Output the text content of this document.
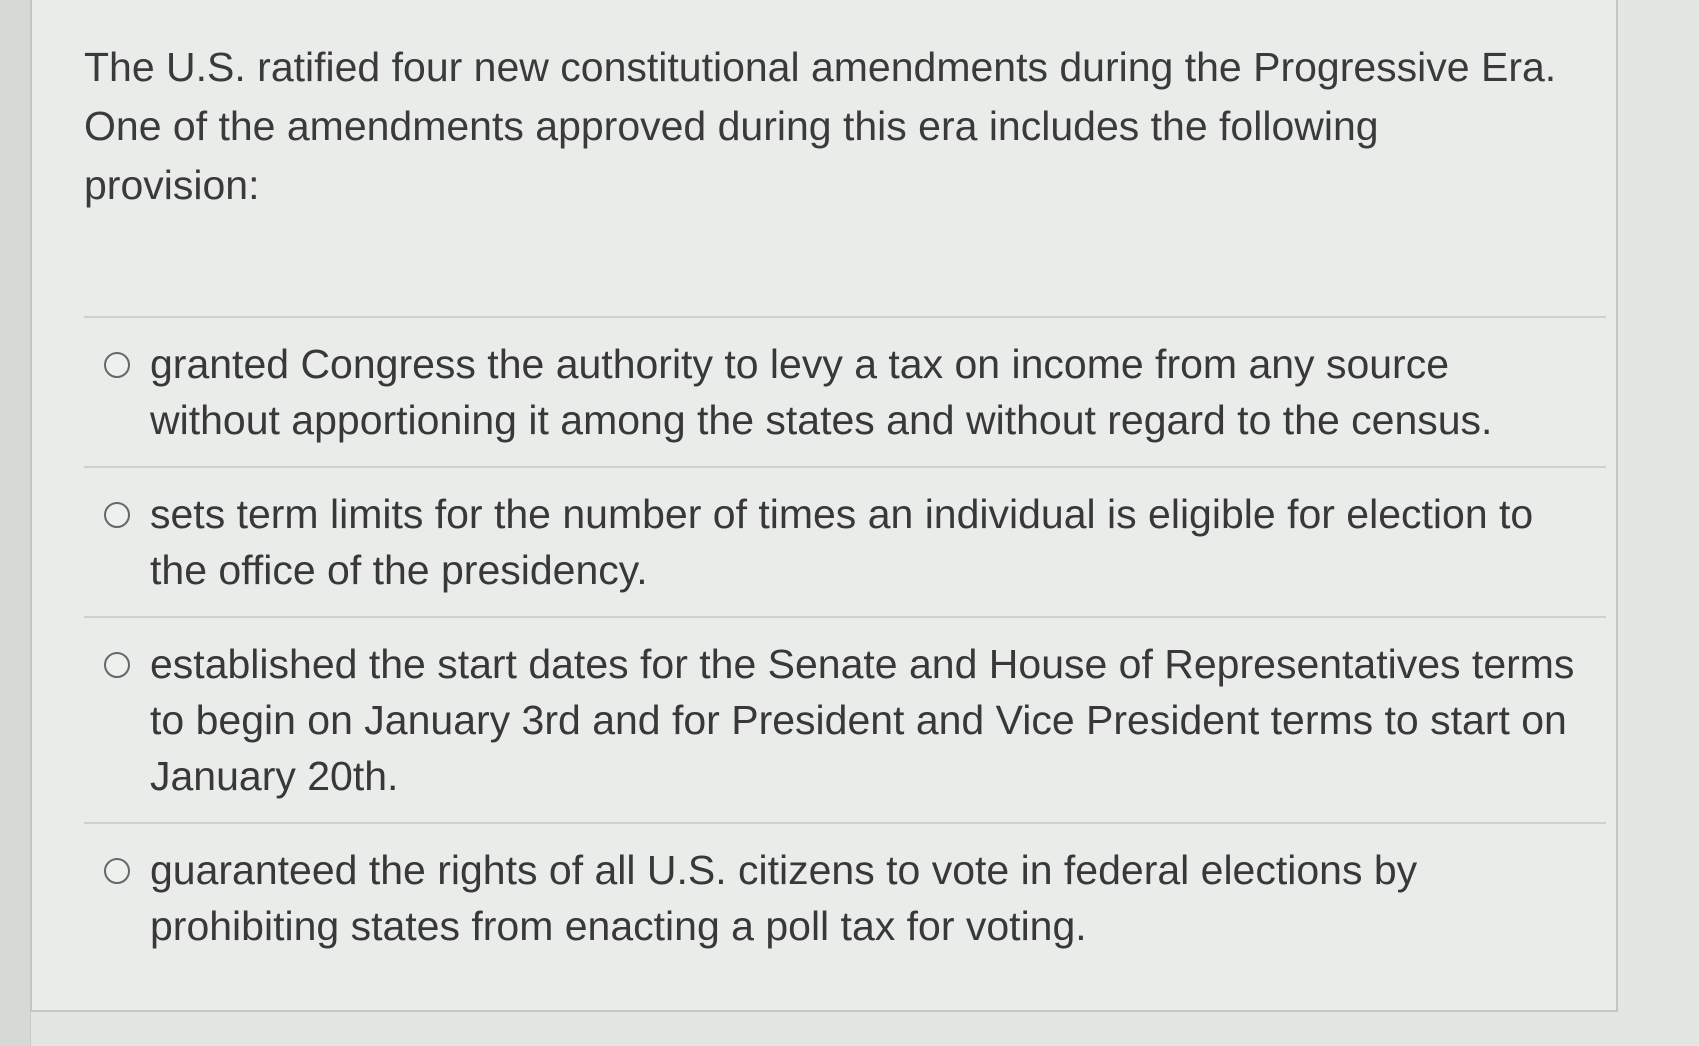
The U.S. ratified four new constitutional amendments during the Progressive Era. One of the amendments approved during this era includes the following provision:

granted Congress the authority to levy a tax on income from any source without apportioning it among the states and without regard to the census.
sets term limits for the number of times an individual is eligible for election to the office of the presidency.
established the start dates for the Senate and House of Representatives terms to begin on January 3rd and for President and Vice President terms to start on January 20th.
guaranteed the rights of all U.S. citizens to vote in federal elections by prohibiting states from enacting a poll tax for voting.
